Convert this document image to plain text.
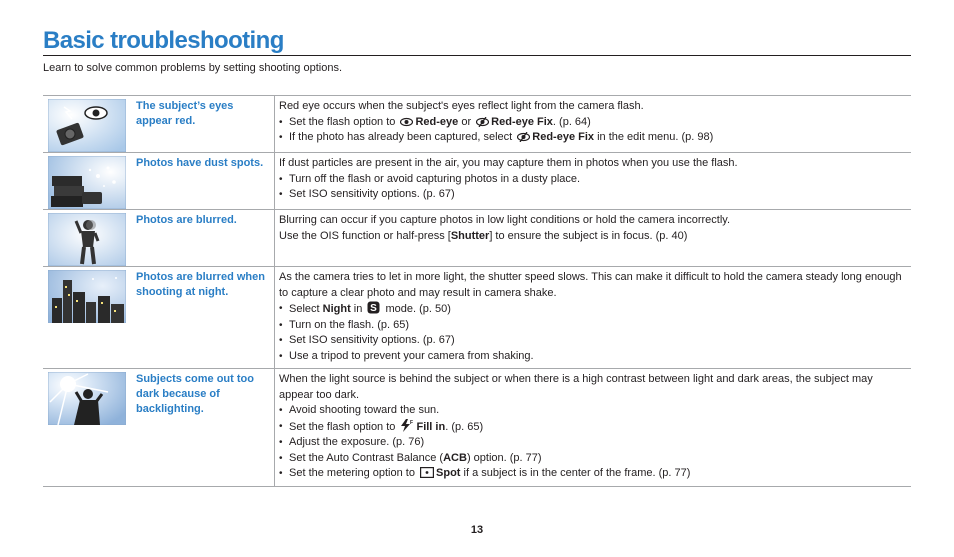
Basic troubleshooting
Learn to solve common problems by setting shooting options.
The subject’s eyes appear red.

Red eye occurs when the subject's eyes reflect light from the camera flash.

• Set the flash option to Red-eye or Red-eye Fix. (p. 64)
• If the photo has already been captured, select Red-eye Fix in the edit menu. (p. 98)
Photos have dust spots.	If dust particles are present in the air, you may capture them in photos when you use the flash.

• Turn off the flash or avoid capturing photos in a dusty place.
• Set ISO sensitivity options. (p. 67)
Photos are blurred.	Blurring can occur if you capture photos in low light conditions or hold the camera incorrectly.

Use the OIS function or half-press [Shutter] to ensure the subject is in focus. (p. 40)

Photos are blurred when shooting at night.

As the camera tries to let in more light, the shutter speed slows. This can make it difficult to hold the camera steady long enough to capture a clear photo and may result in camera shake.

• Select Night in S mode. (p. 50)
• Turn on the flash. (p. 65)
• Set ISO sensitivity options. (p. 67)
• Use a tripod to prevent your camera from shaking.
Subjects come out too dark because of backlighting.

When the light source is behind the subject or when there is a high contrast between light and dark areas, the subject may appear too dark.

• Avoid shooting toward the sun.
• Set the flash option to F Fill in. (p. 65)
• Adjust the exposure. (p. 76)
• Set the Auto Contrast Balance (ACB) option. (p. 77)
• Set the metering option to Spot if a subject is in the center of the frame. (p. 77)
13
